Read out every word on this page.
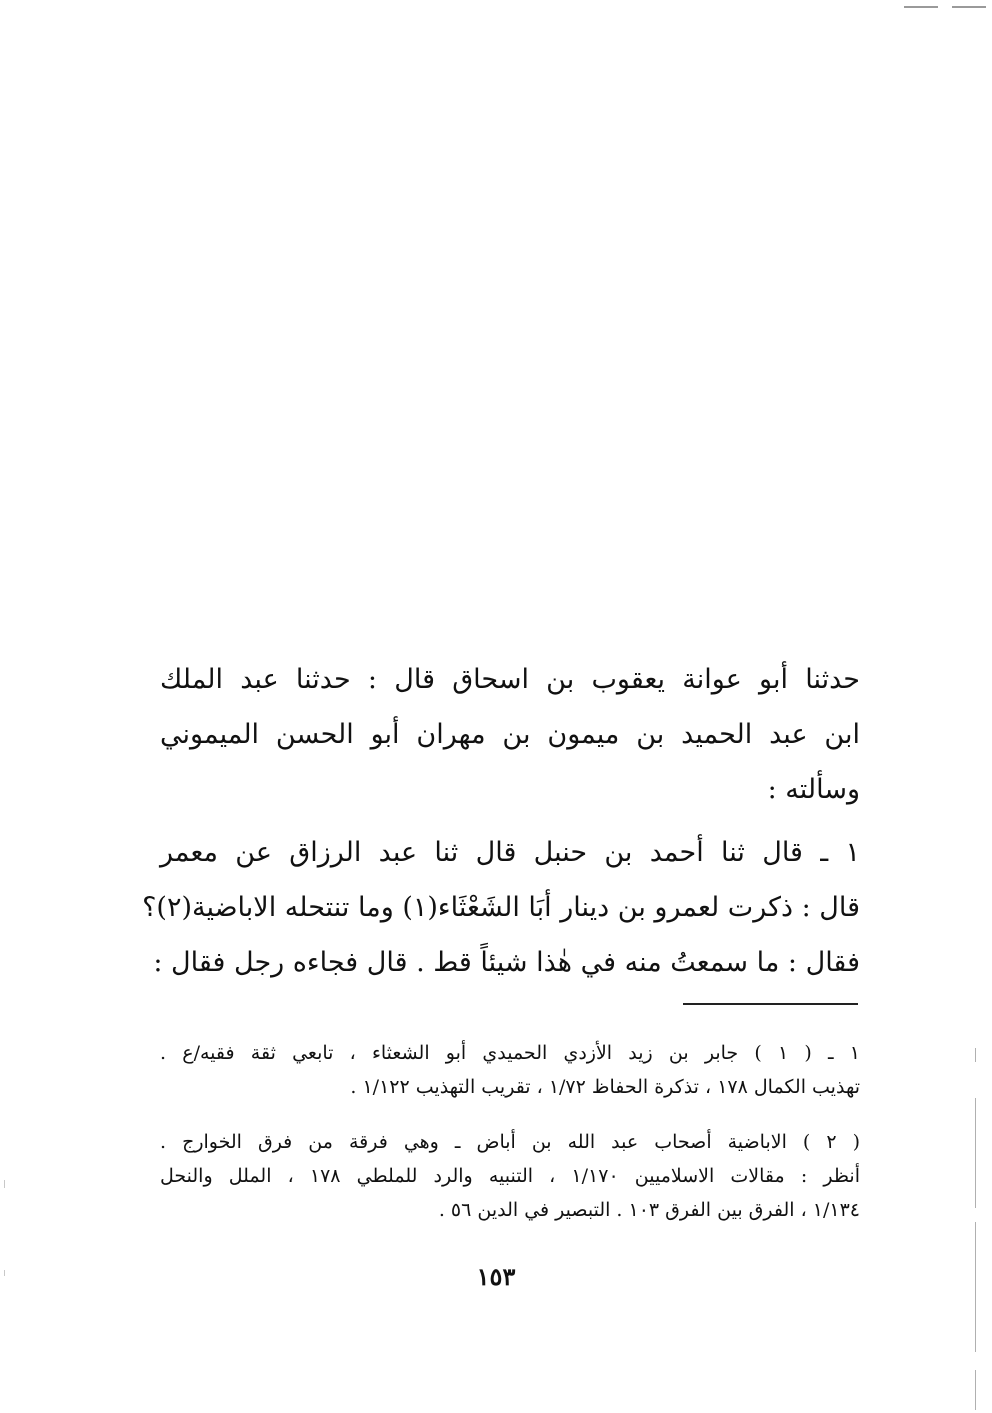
حدثنا أبو عوانة يعقوب بن اسحاق قال : حدثنا عبد الملك
ابن عبد الحميد بن ميمون بن مهران أبو الحسن الميموني
وسألته :
١ ـ قال ثنا أحمد بن حنبل قال ثنا عبد الرزاق عن معمر
قال : ذكرت لعمرو بن دينار أبَا الشَعْثَاء(١) وما تنتحله الاباضية(٢)؟
فقال : ما سمعتُ منه في هٰذا شيئاً قط . قال فجاءه رجل فقال :
١ ـ ( ١ ) جابر بن زيد الأزدي الحميدي أبو الشعثاء ، تابعي ثقة فقيه/ع .
تهذيب الكمال ١٧٨ ، تذكرة الحفاظ ١/٧٢ ، تقريب التهذيب ١/١٢٢ .
( ٢ ) الاباضية أصحاب عبد الله بن أباض ـ وهي فرقة من فرق الخوارج .
أنظر : مقالات الاسلاميين ١/١٧٠ ، التنبيه والرد للملطي ١٧٨ ، الملل والنحل
١/١٣٤ ، الفرق بين الفرق ١٠٣ . التبصير في الدين ٥٦ .
١٥٣
